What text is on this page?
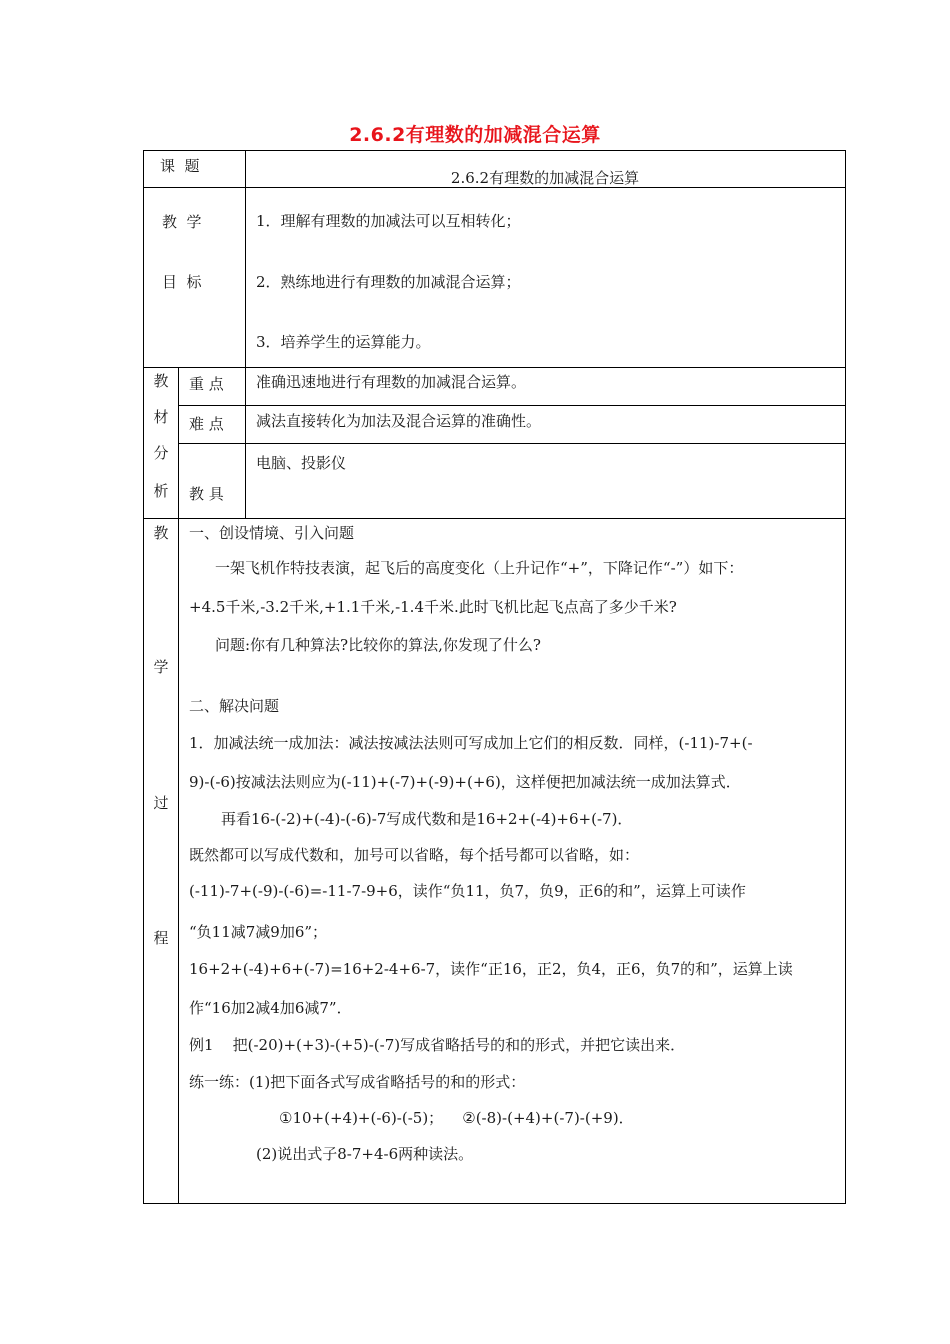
2.6.2有理数的加减混合运算
课  题
2.6.2有理数的加减混合运算
教  学
目  标
1．理解有理数的加减法可以互相转化；
2．熟练地进行有理数的加减混合运算；
3．培养学生的运算能力。
教
材
分
析
重 点 准确迅速地进行有理数的加减混合运算。
难 点 减法直接转化为加法及混合运算的准确性。
教 具
电脑、投影仪
教
学
过
程
一、创设情境、引入问题
一架飞机作特技表演，起飞后的高度变化（上升记作“+”，下降记作“-”）如下：
+4.5千米,-3.2千米,+1.1千米,-1.4千米.此时飞机比起飞点高了多少千米?
问题:你有几种算法?比较你的算法,你发现了什么?
二、解决问题
1．加减法统一成加法：减法按减法法则可写成加上它们的相反数．同样，(-11)-7+(-
9)-(-6)按减法法则应为(-11)+(-7)+(-9)+(+6)，这样便把加减法统一成加法算式．
再看16-(-2)+(-4)-(-6)-7写成代数和是16+2+(-4)+6+(-7)．
既然都可以写成代数和，加号可以省略，每个括号都可以省略，如：
(-11)-7+(-9)-(-6)=-11-7-9+6，读作“负11，负7，负9，正6的和”，运算上可读作
“负11减7减9加6”；
16+2+(-4)+6+(-7)=16+2-4+6-7，读作“正16，正2，负4，正6，负7的和”，运算上读
作“16加2减4加6减7”．
例1    把(-20)+(+3)-(+5)-(-7)写成省略括号的和的形式，并把它读出来．
练一练：(1)把下面各式写成省略括号的和的形式：
①10+(+4)+(-6)-(-5)；    ②(-8)-(+4)+(-7)-(+9)．
(2)说出式子8-7+4-6两种读法。
